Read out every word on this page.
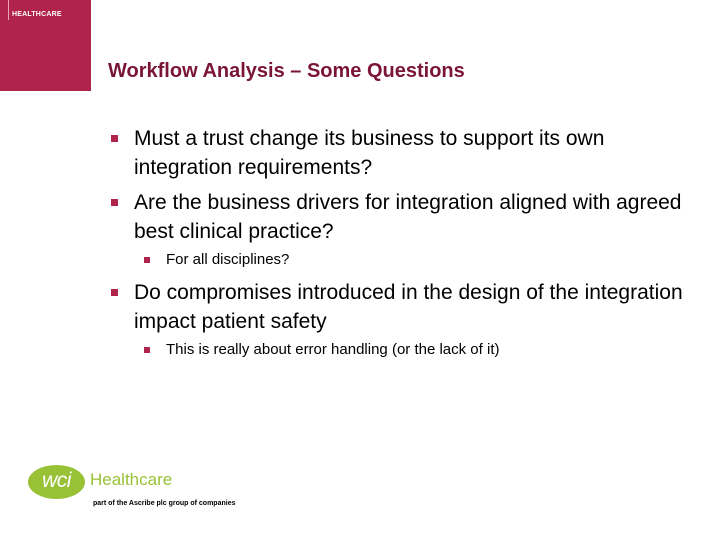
HEALTHCARE
Workflow Analysis – Some Questions
Must a trust change its business to support its own integration requirements?
Are the business drivers for integration aligned with agreed best clinical practice?
For all disciplines?
Do compromises introduced in the design of the integration impact patient safety
This is really about error handling (or the lack of it)
wci	Healthcare
part of the Ascribe plc group of companies
